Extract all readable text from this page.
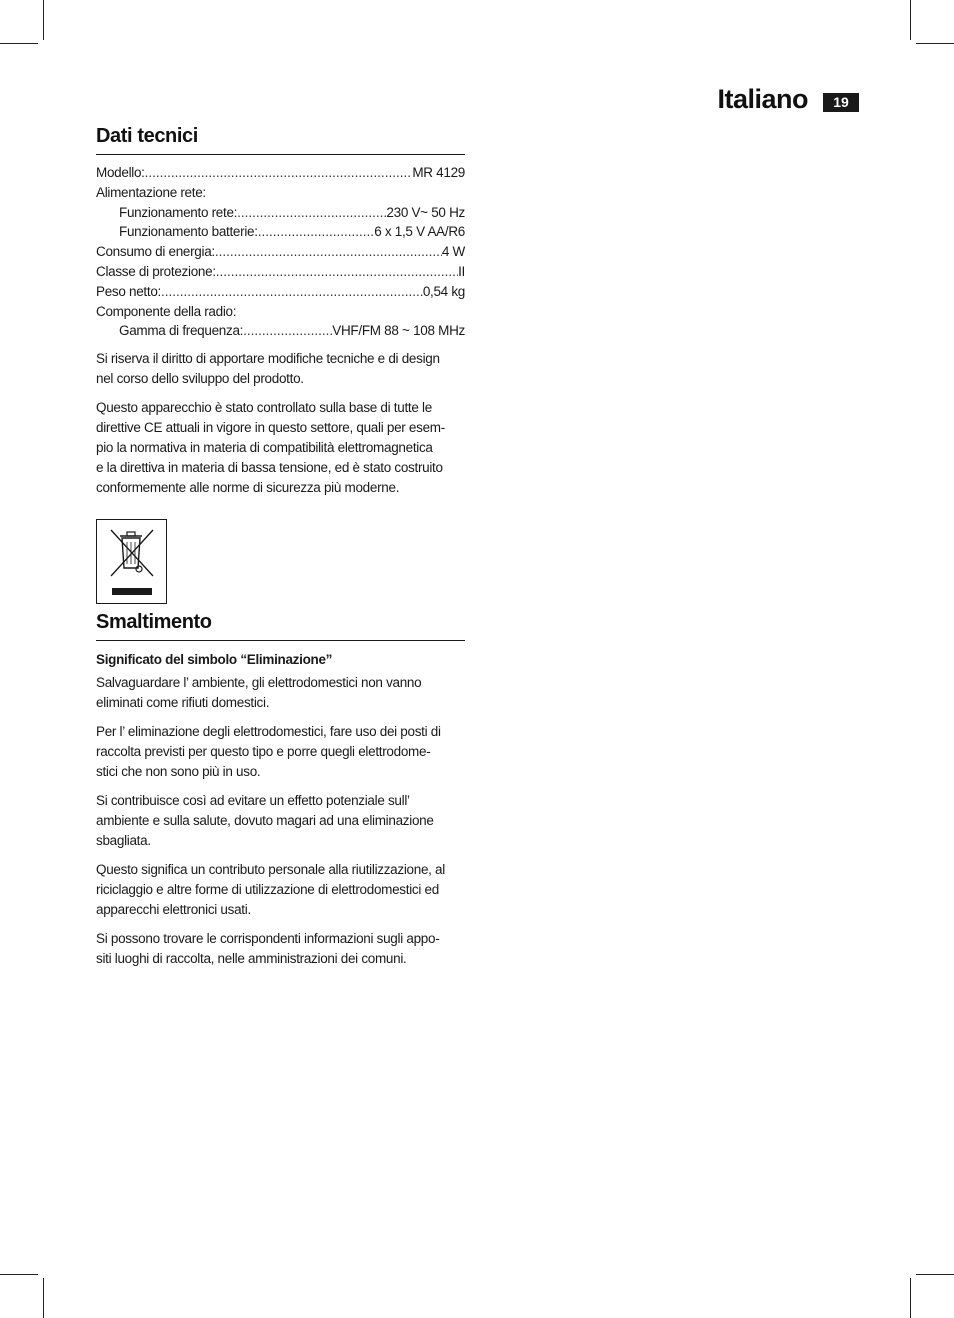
Italiano	19
Dati tecnici
Modello: .....	MR 4129
Alimentazione rete:
Funzionamento rete: .....	230 V~ 50 Hz
Funzionamento batterie: .....	6 x 1,5 V AA/R6
Consumo di energia: .....	4 W
Classe di protezione: .....	II
Peso netto: .....	0,54 kg
Componente della radio:
Gamma di frequenza: .....	VHF/FM 88 ~ 108 MHz
Si riserva il diritto di apportare modifiche tecniche e di design
nel corso dello sviluppo del prodotto.
Questo apparecchio è stato controllato sulla base di tutte le
direttive CE attuali in vigore in questo settore, quali per esem-
pio la normativa in materia di compatibilità elettromagnetica
e la direttiva in materia di bassa tensione, ed è stato costruito
conformemente alle norme di sicurezza più moderne.
Smaltimento
Significato del simbolo “Eliminazione”
Salvaguardare l’ ambiente, gli elettrodomestici non vanno
eliminati come rifiuti domestici.
Per l’ eliminazione degli elettrodomestici, fare uso dei posti di
raccolta previsti per questo tipo e porre quegli elettrodome-
stici che non sono più in uso.
Si contribuisce così ad evitare un effetto potenziale sull’
ambiente e sulla salute, dovuto magari ad una eliminazione
sbagliata.
Questo significa un contributo personale alla riutilizzazione, al
riciclaggio e altre forme di utilizzazione di elettrodomestici ed
apparecchi elettronici usati.
Si possono trovare le corrispondenti informazioni sugli appo-
siti luoghi di raccolta, nelle amministrazioni dei comuni.
